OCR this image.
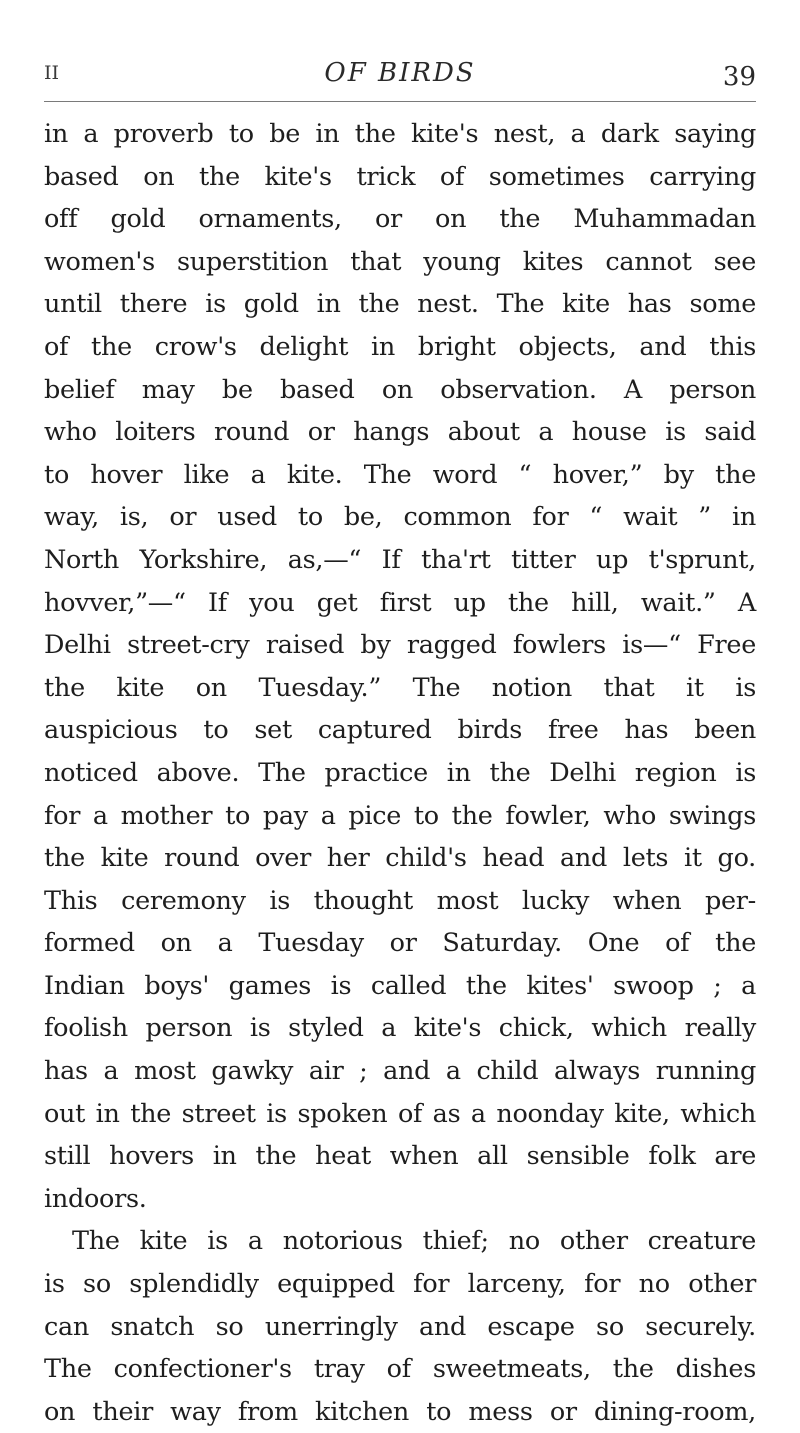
II	OF BIRDS	39
in a proverb to be in the kite's nest, a dark saying
based on the kite's trick of sometimes carrying
off gold ornaments, or on the Muhammadan
women's superstition that young kites cannot see
until there is gold in the nest. The kite has some
of the crow's delight in bright objects, and this
belief may be based on observation. A person
who loiters round or hangs about a house is said
to hover like a kite. The word “ hover,” by the
way, is, or used to be, common for “ wait ” in
North Yorkshire, as,—“ If tha'rt titter up t'sprunt,
hovver,”—“ If you get first up the hill, wait.” A
Delhi street-cry raised by ragged fowlers is—“ Free
the kite on Tuesday.” The notion that it is
auspicious to set captured birds free has been
noticed above. The practice in the Delhi region is
for a mother to pay a pice to the fowler, who swings
the kite round over her child's head and lets it go.
This ceremony is thought most lucky when per-
formed on a Tuesday or Saturday. One of the
Indian boys' games is called the kites' swoop ; a
foolish person is styled a kite's chick, which really
has a most gawky air ; and a child always running
out in the street is spoken of as a noonday kite, which
still hovers in the heat when all sensible folk are
indoors.
The kite is a notorious thief; no other creature
is so splendidly equipped for larceny, for no other
can snatch so unerringly and escape so securely.
The confectioner's tray of sweetmeats, the dishes
on their way from kitchen to mess or dining-room,
